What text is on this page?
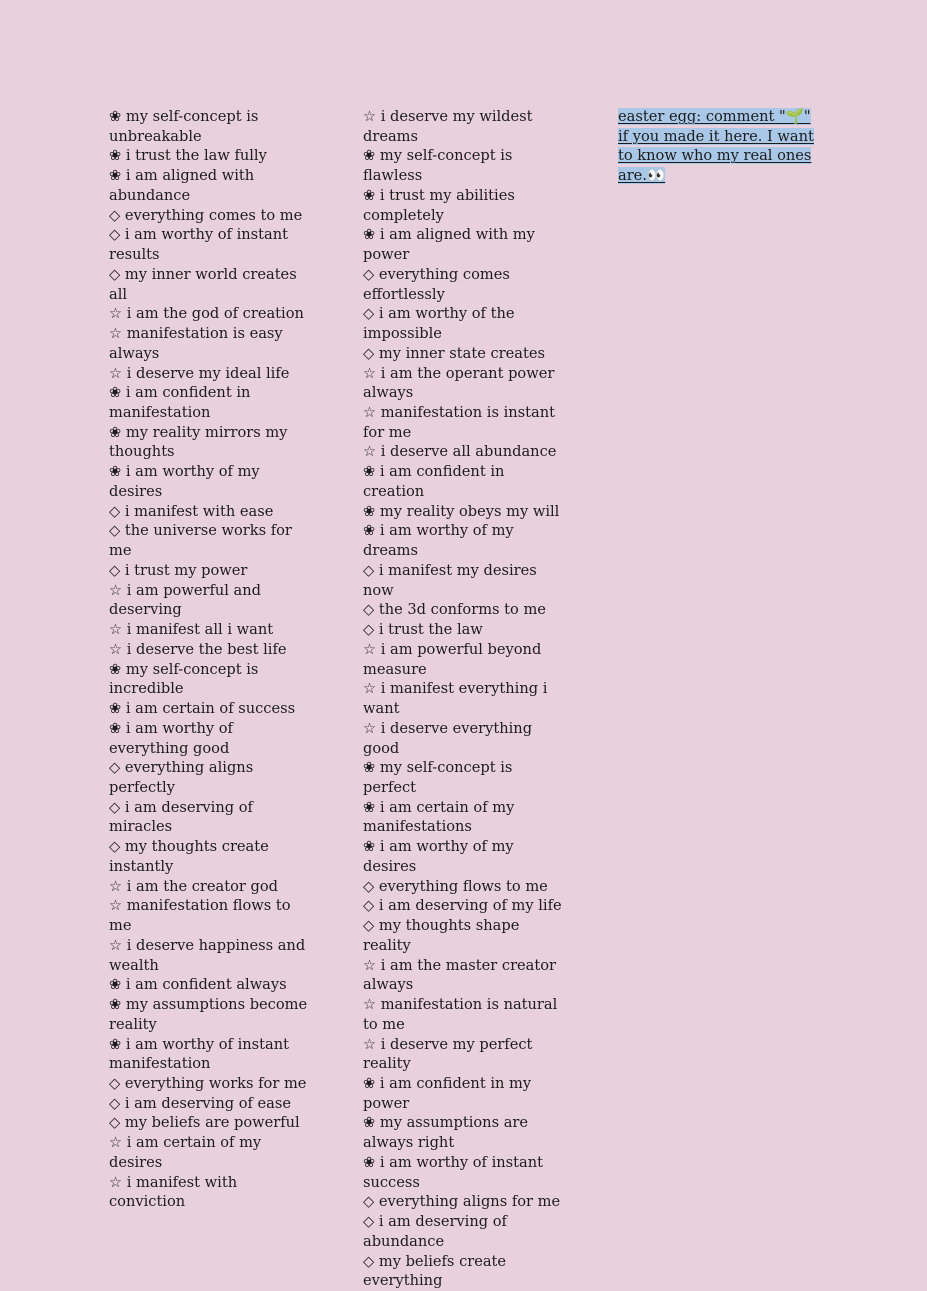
❀ my self-concept is unbreakable

❀ i trust the law fully

❀ i am aligned with abundance

◇ everything comes to me

◇ i am worthy of instant results

◇ my inner world creates all

☆ i am the god of creation

☆ manifestation is easy always

☆ i deserve my ideal life

❀ i am confident in manifestation

❀ my reality mirrors my thoughts

❀ i am worthy of my desires

◇ i manifest with ease

◇ the universe works for me

◇ i trust my power

☆ i am powerful and deserving

☆ i manifest all i want

☆ i deserve the best life

❀ my self-concept is incredible

❀ i am certain of success

❀ i am worthy of everything good

◇ everything aligns perfectly

◇ i am deserving of miracles

◇ my thoughts create instantly

☆ i am the creator god

☆ manifestation flows to me

☆ i deserve happiness and wealth

❀ i am confident always

❀ my assumptions become reality

❀ i am worthy of instant manifestation

◇ everything works for me

◇ i am deserving of ease

◇ my beliefs are powerful

☆ i am certain of my desires

☆ i manifest with conviction

☆ i deserve my wildest dreams

❀ my self-concept is flawless

❀ i trust my abilities completely

❀ i am aligned with my power

◇ everything comes effortlessly

◇ i am worthy of the impossible

◇ my inner state creates

☆ i am the operant power always

☆ manifestation is instant for me

☆ i deserve all abundance

❀ i am confident in creation

❀ my reality obeys my will

❀ i am worthy of my dreams

◇ i manifest my desires now

◇ the 3d conforms to me

◇ i trust the law

☆ i am powerful beyond measure

☆ i manifest everything i want

☆ i deserve everything good

❀ my self-concept is perfect

❀ i am certain of my manifestations

❀ i am worthy of my desires

◇ everything flows to me

◇ i am deserving of my life

◇ my thoughts shape reality

☆ i am the master creator always

☆ manifestation is natural to me

☆ i deserve my perfect reality

❀ i am confident in my power

❀ my assumptions are always right

❀ i am worthy of instant success

◇ everything aligns for me

◇ i am deserving of abundance

◇ my beliefs create everything

easter egg: comment "🌱" if you made it here. I want to know who my real ones are.👀
